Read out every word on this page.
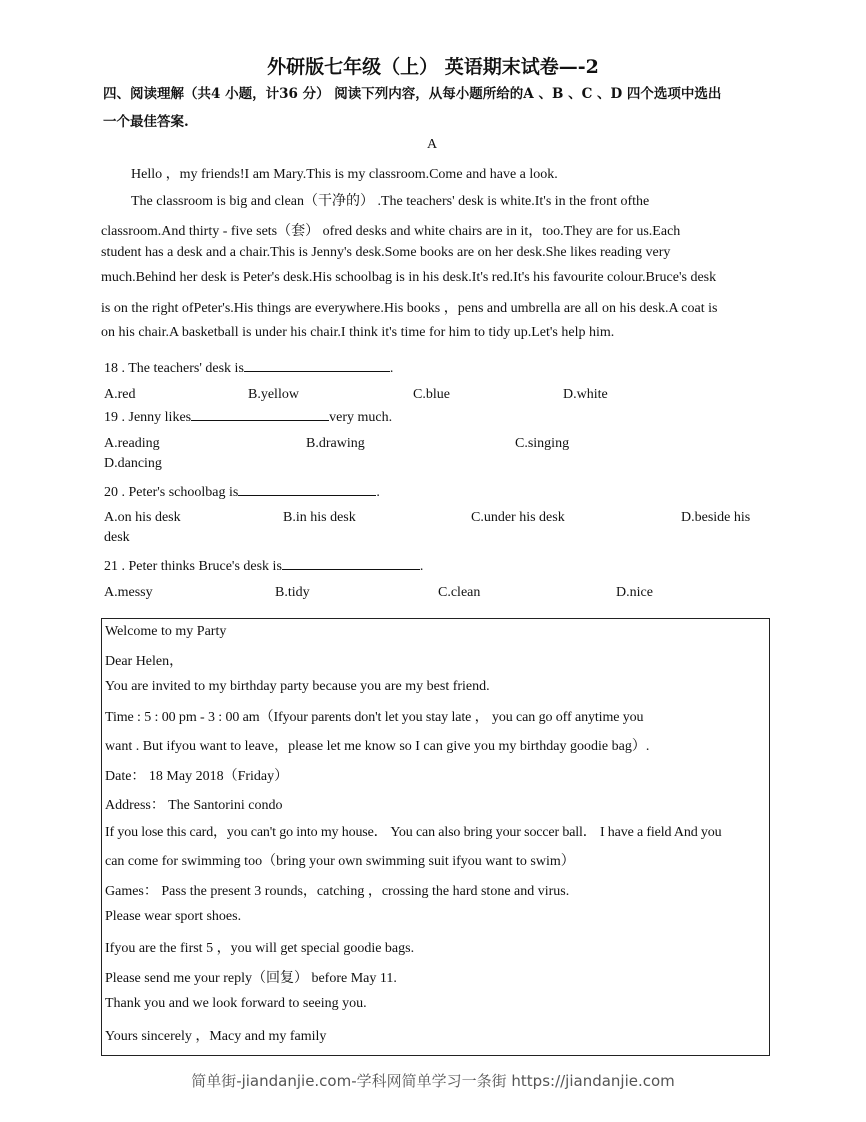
外研版七年级（上） 英语期末试卷—-2
四、阅读理解（共4 小题，计36 分） 阅读下列内容，从每小题所给的A 、B 、C 、D 四个选项中选出
一个最佳答案.
A
Hello ，my friends!I am Mary.This is my classroom.Come and have a look.
The classroom is big and clean（干净的） .The teachers' desk is white.It's in the front ofthe
classroom.And thirty - five sets（套） ofred desks and white chairs are in it，too.They are for us.Each
student has a desk and a chair.This is Jenny's desk.Some books are on her desk.She likes reading very
much.Behind her desk is Peter's desk.His schoolbag is in his desk.It's red.It's his favourite colour.Bruce's desk
is on the right ofPeter's.His things are everywhere.His books ，pens and umbrella are all on his desk.A coat is
on his chair.A basketball is under his chair.I think it's time for him to tidy up.Let's help him.
18 . The teachers' desk is	.
A.red	B.yellow	C.blue	D.white
19 . Jenny likes	very much.
A.reading	B.drawing	C.singing
D.dancing
20 . Peter's schoolbag is	.
A.on his desk	B.in his desk	C.under his desk	D.beside his
desk
21 . Peter thinks Bruce's desk is	.
A.messy	B.tidy	C.clean	D.nice
Welcome to my Party
Dear Helen，
You are invited to my birthday party because you are my best friend.
Time : 5 : 00 pm - 3 : 00 am（Ifyour parents don't let you stay late ， you can go off anytime you
want . But ifyou want to leave，please let me know so I can give you my birthday goodie bag）.
Date： 18 May 2018（Friday）
Address： The Santorini condo
If you lose this card，you can't go into my house． You can also bring your soccer ball． I have a field And you
can come for swimming too（bring your own swimming suit ifyou want to swim）
Games： Pass the present 3 rounds，catching ，crossing the hard stone and virus.
Please wear sport shoes.
Ifyou are the first 5 ，you will get special goodie bags.
Please send me your reply（回复） before May 11.
Thank you and we look forward to seeing you.
Yours sincerely ，Macy and my family
简单街-jiandanjie.com-学科网简单学习一条街 https://jiandanjie.com
